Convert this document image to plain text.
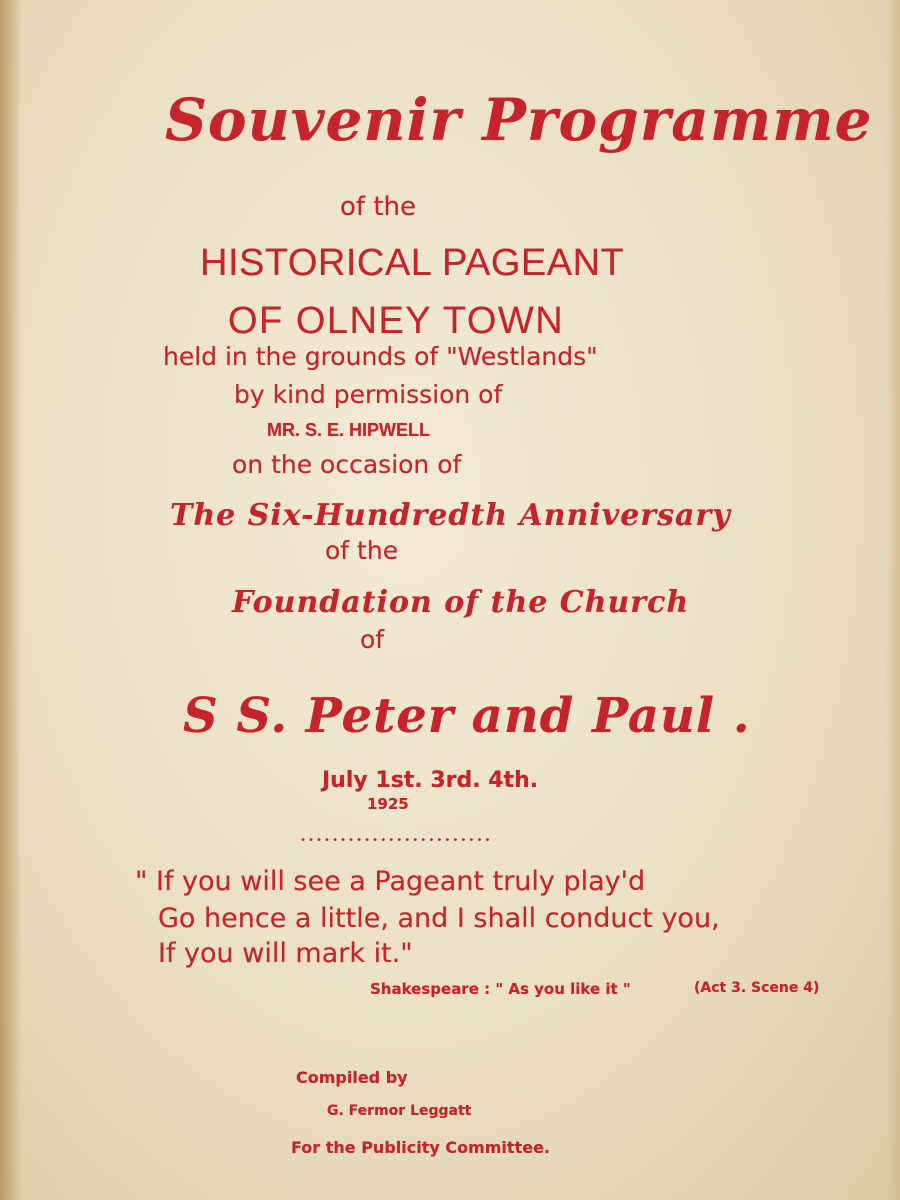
Souvenir Programme
of the
HISTORICAL PAGEANT
OF OLNEY TOWN
held in the grounds of "Westlands"
by kind permission of
MR. S. E. HIPWELL
on the occasion of
The Six-Hundredth Anniversary
of the
Foundation of the Church
of
S S. Peter and Paul .
July 1st. 3rd. 4th.
1925
••••••••••••••••••••••••
" If you will see a Pageant truly play'd
Go hence a little, and I shall conduct you,
If you will mark it."
Shakespeare : " As you like it "	(Act 3. Scene 4)
Compiled by
G. Fermor Leggatt
For the Publicity Committee.
